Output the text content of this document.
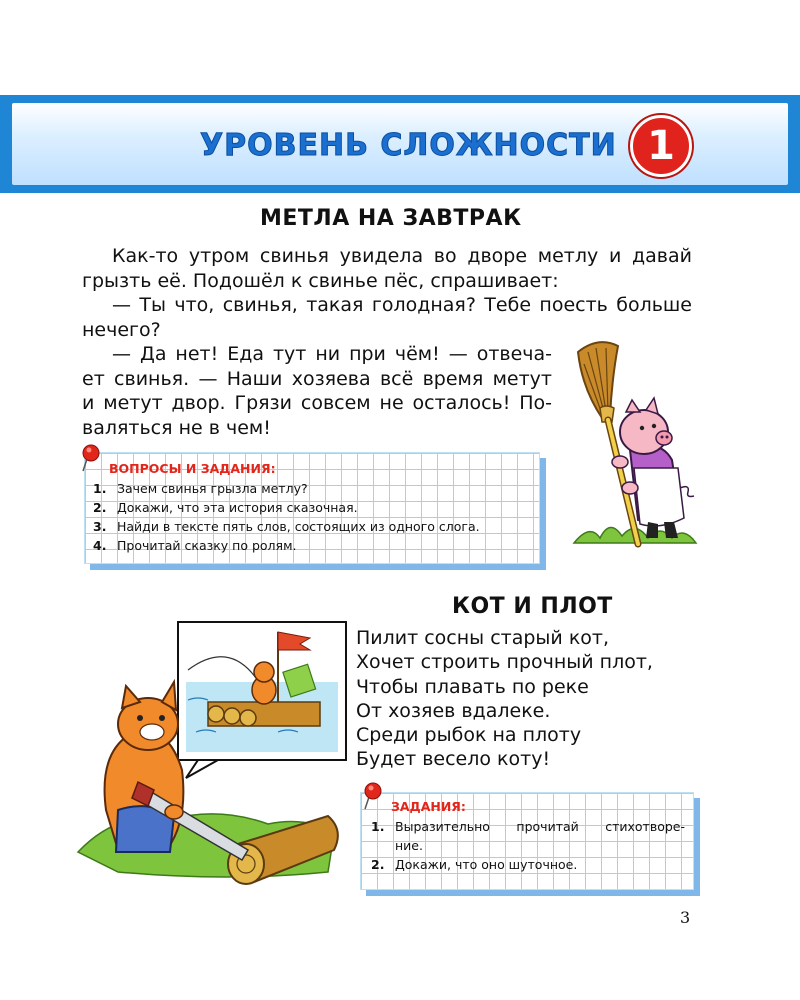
УРОВЕНЬ СЛОЖНОСТИ 1
МЕТЛА НА ЗАВТРАК
Как-то утром свинья увидела во дворе метлу и давай
грызть её. Подошёл к свинье пёс, спрашивает:
— Ты что, свинья, такая голодная? Тебе поесть больше
нечего?
— Да нет! Еда тут ни при чём! — отвеча-
ет свинья. — Наши хозяева всё время метут
и метут двор. Грязи совсем не осталось! По-
валяться не в чем!
ВОПРОСЫ И ЗАДАНИЯ:
1. Зачем свинья грызла метлу?
2. Докажи, что эта история сказочная.
3. Найди в тексте пять слов, состоящих из одного слога.
4. Прочитай сказку по ролям.
КОТ И ПЛОТ
Пилит сосны старый кот,
Хочет строить прочный плот,
Чтобы плавать по реке
От хозяев вдалеке.
Среди рыбок на плоту
Будет весело коту!
ЗАДАНИЯ:
1. Выразительно прочитай стихотворе-
ние.
2. Докажи, что оно шуточное.
3
